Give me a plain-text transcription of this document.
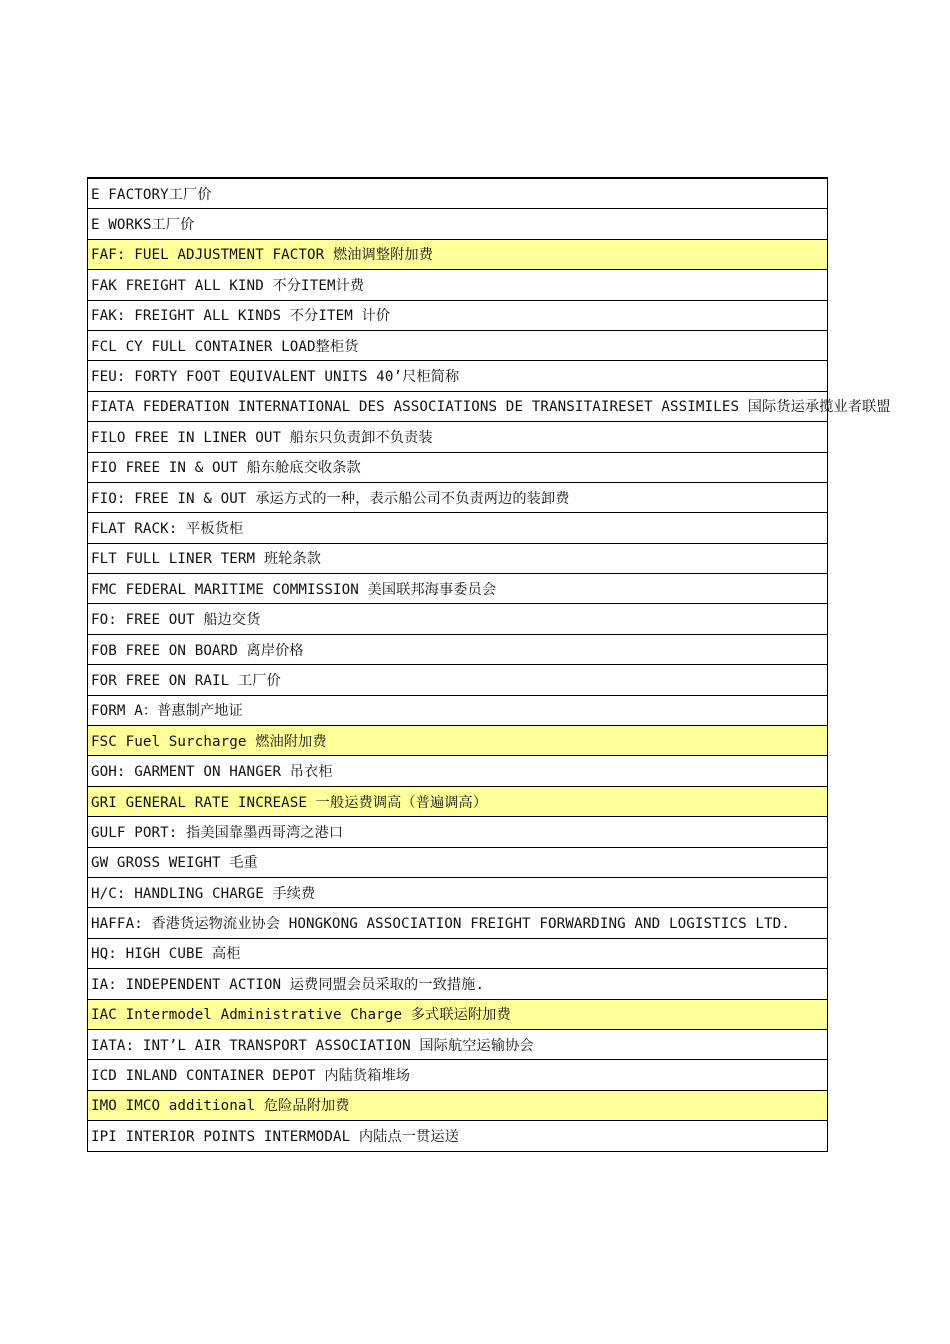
E FACTORY工厂价
E WORKS工厂价
FAF: FUEL ADJUSTMENT FACTOR 燃油调整附加费
FAK FREIGHT ALL KIND 不分ITEM计费
FAK: FREIGHT ALL KINDS 不分ITEM 计价
FCL CY FULL CONTAINER LOAD整柜货
FEU: FORTY FOOT EQUIVALENT UNITS 40’尺柜简称
FIATA FEDERATION INTERNATIONAL DES ASSOCIATIONS DE TRANSITAIRESET ASSIMILES 国际货运承揽业者联盟
FILO FREE IN LINER OUT 船东只负责卸不负责装
FIO FREE IN & OUT 船东舱底交收条款
FIO: FREE IN & OUT 承运方式的一种，表示船公司不负责两边的装卸费
FLAT RACK: 平板货柜
FLT FULL LINER TERM 班轮条款
FMC FEDERAL MARITIME COMMISSION 美国联邦海事委员会
FO: FREE OUT 船边交货
FOB FREE ON BOARD 离岸价格
FOR FREE ON RAIL 工厂价
FORM A：普惠制产地证
FSC Fuel Surcharge 燃油附加费
GOH: GARMENT ON HANGER 吊衣柜
GRI GENERAL RATE INCREASE 一般运费调高（普遍调高）
GULF PORT: 指美国靠墨西哥湾之港口
GW GROSS WEIGHT 毛重
H/C: HANDLING CHARGE 手续费
HAFFA: 香港货运物流业协会 HONGKONG ASSOCIATION FREIGHT FORWARDING AND LOGISTICS LTD.
HQ: HIGH CUBE 高柜
IA: INDEPENDENT ACTION 运费同盟会员采取的一致措施.
IAC Intermodel Administrative Charge 多式联运附加费
IATA: INT’L AIR TRANSPORT ASSOCIATION 国际航空运输协会
ICD INLAND CONTAINER DEPOT 内陆货箱堆场
IMO IMCO additional 危险品附加费
IPI INTERIOR POINTS INTERMODAL 内陆点一贯运送
